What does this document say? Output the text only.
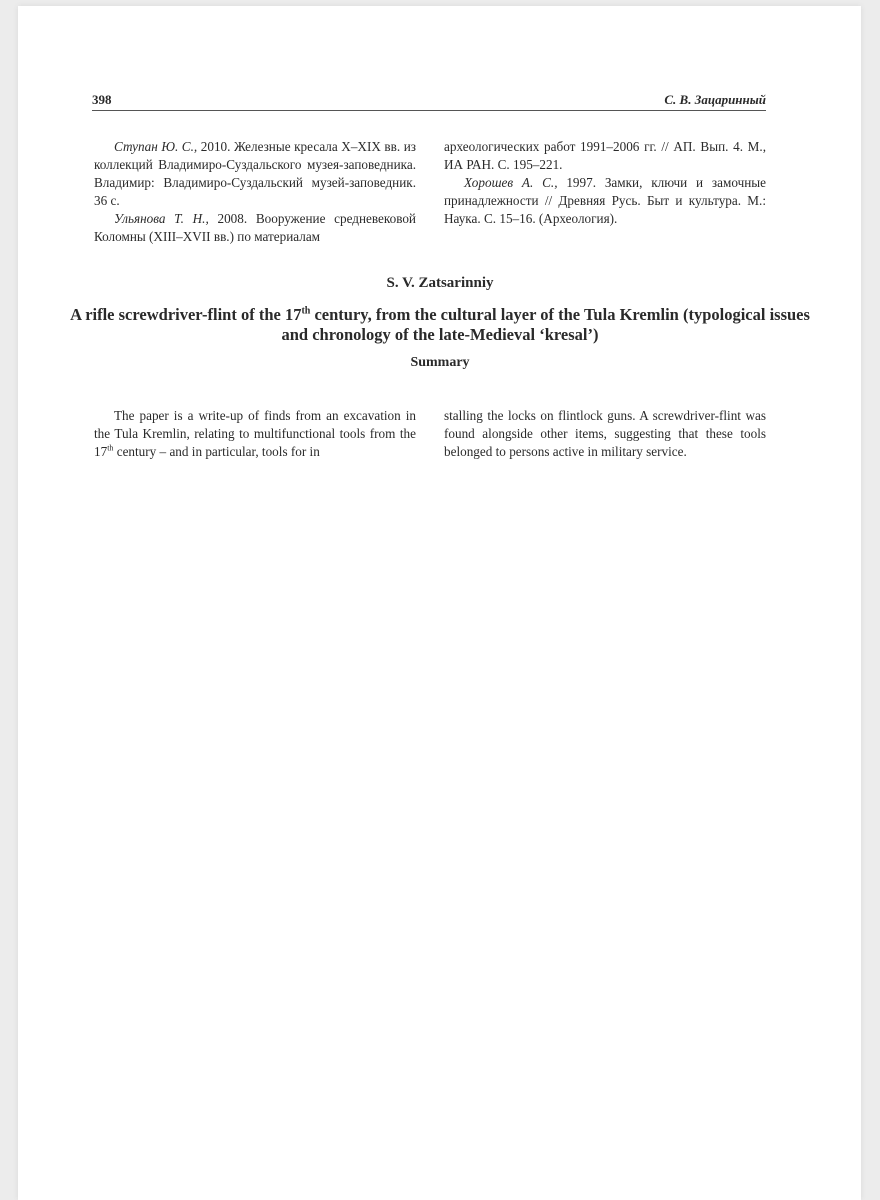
398	С. В. Зацаринный

Ступан Ю. С., 2010. Железные кресала X–XIX вв. из коллекций Владимиро-Суздальского музея-заповедника. Владимир: Владимиро-Суздальский музей-заповедник. 36 с.

Ульянова Т. Н., 2008. Вооружение средневековой Коломны (XIII–XVII вв.) по материалам

археологических работ 1991–2006 гг. // АП. Вып. 4. М., ИА РАН. С. 195–221.

Хорошев А. С., 1997. Замки, ключи и замочные принадлежности // Древняя Русь. Быт и культура. М.: Наука. С. 15–16. (Археология).

S. V. Zatsarinniy
A rifle screwdriver-flint of the 17th century, from the cultural layer of the Tula Kremlin (typological issues and chronology of the late-Medieval ‘kresal’)
Summary

The paper is a write-up of finds from an excavation in the Tula Kremlin, relating to multifunctional tools from the 17th century – and in particular, tools for in

stalling the locks on flintlock guns. A screwdriver-flint was found alongside other items, suggesting that these tools belonged to persons active in military service.
